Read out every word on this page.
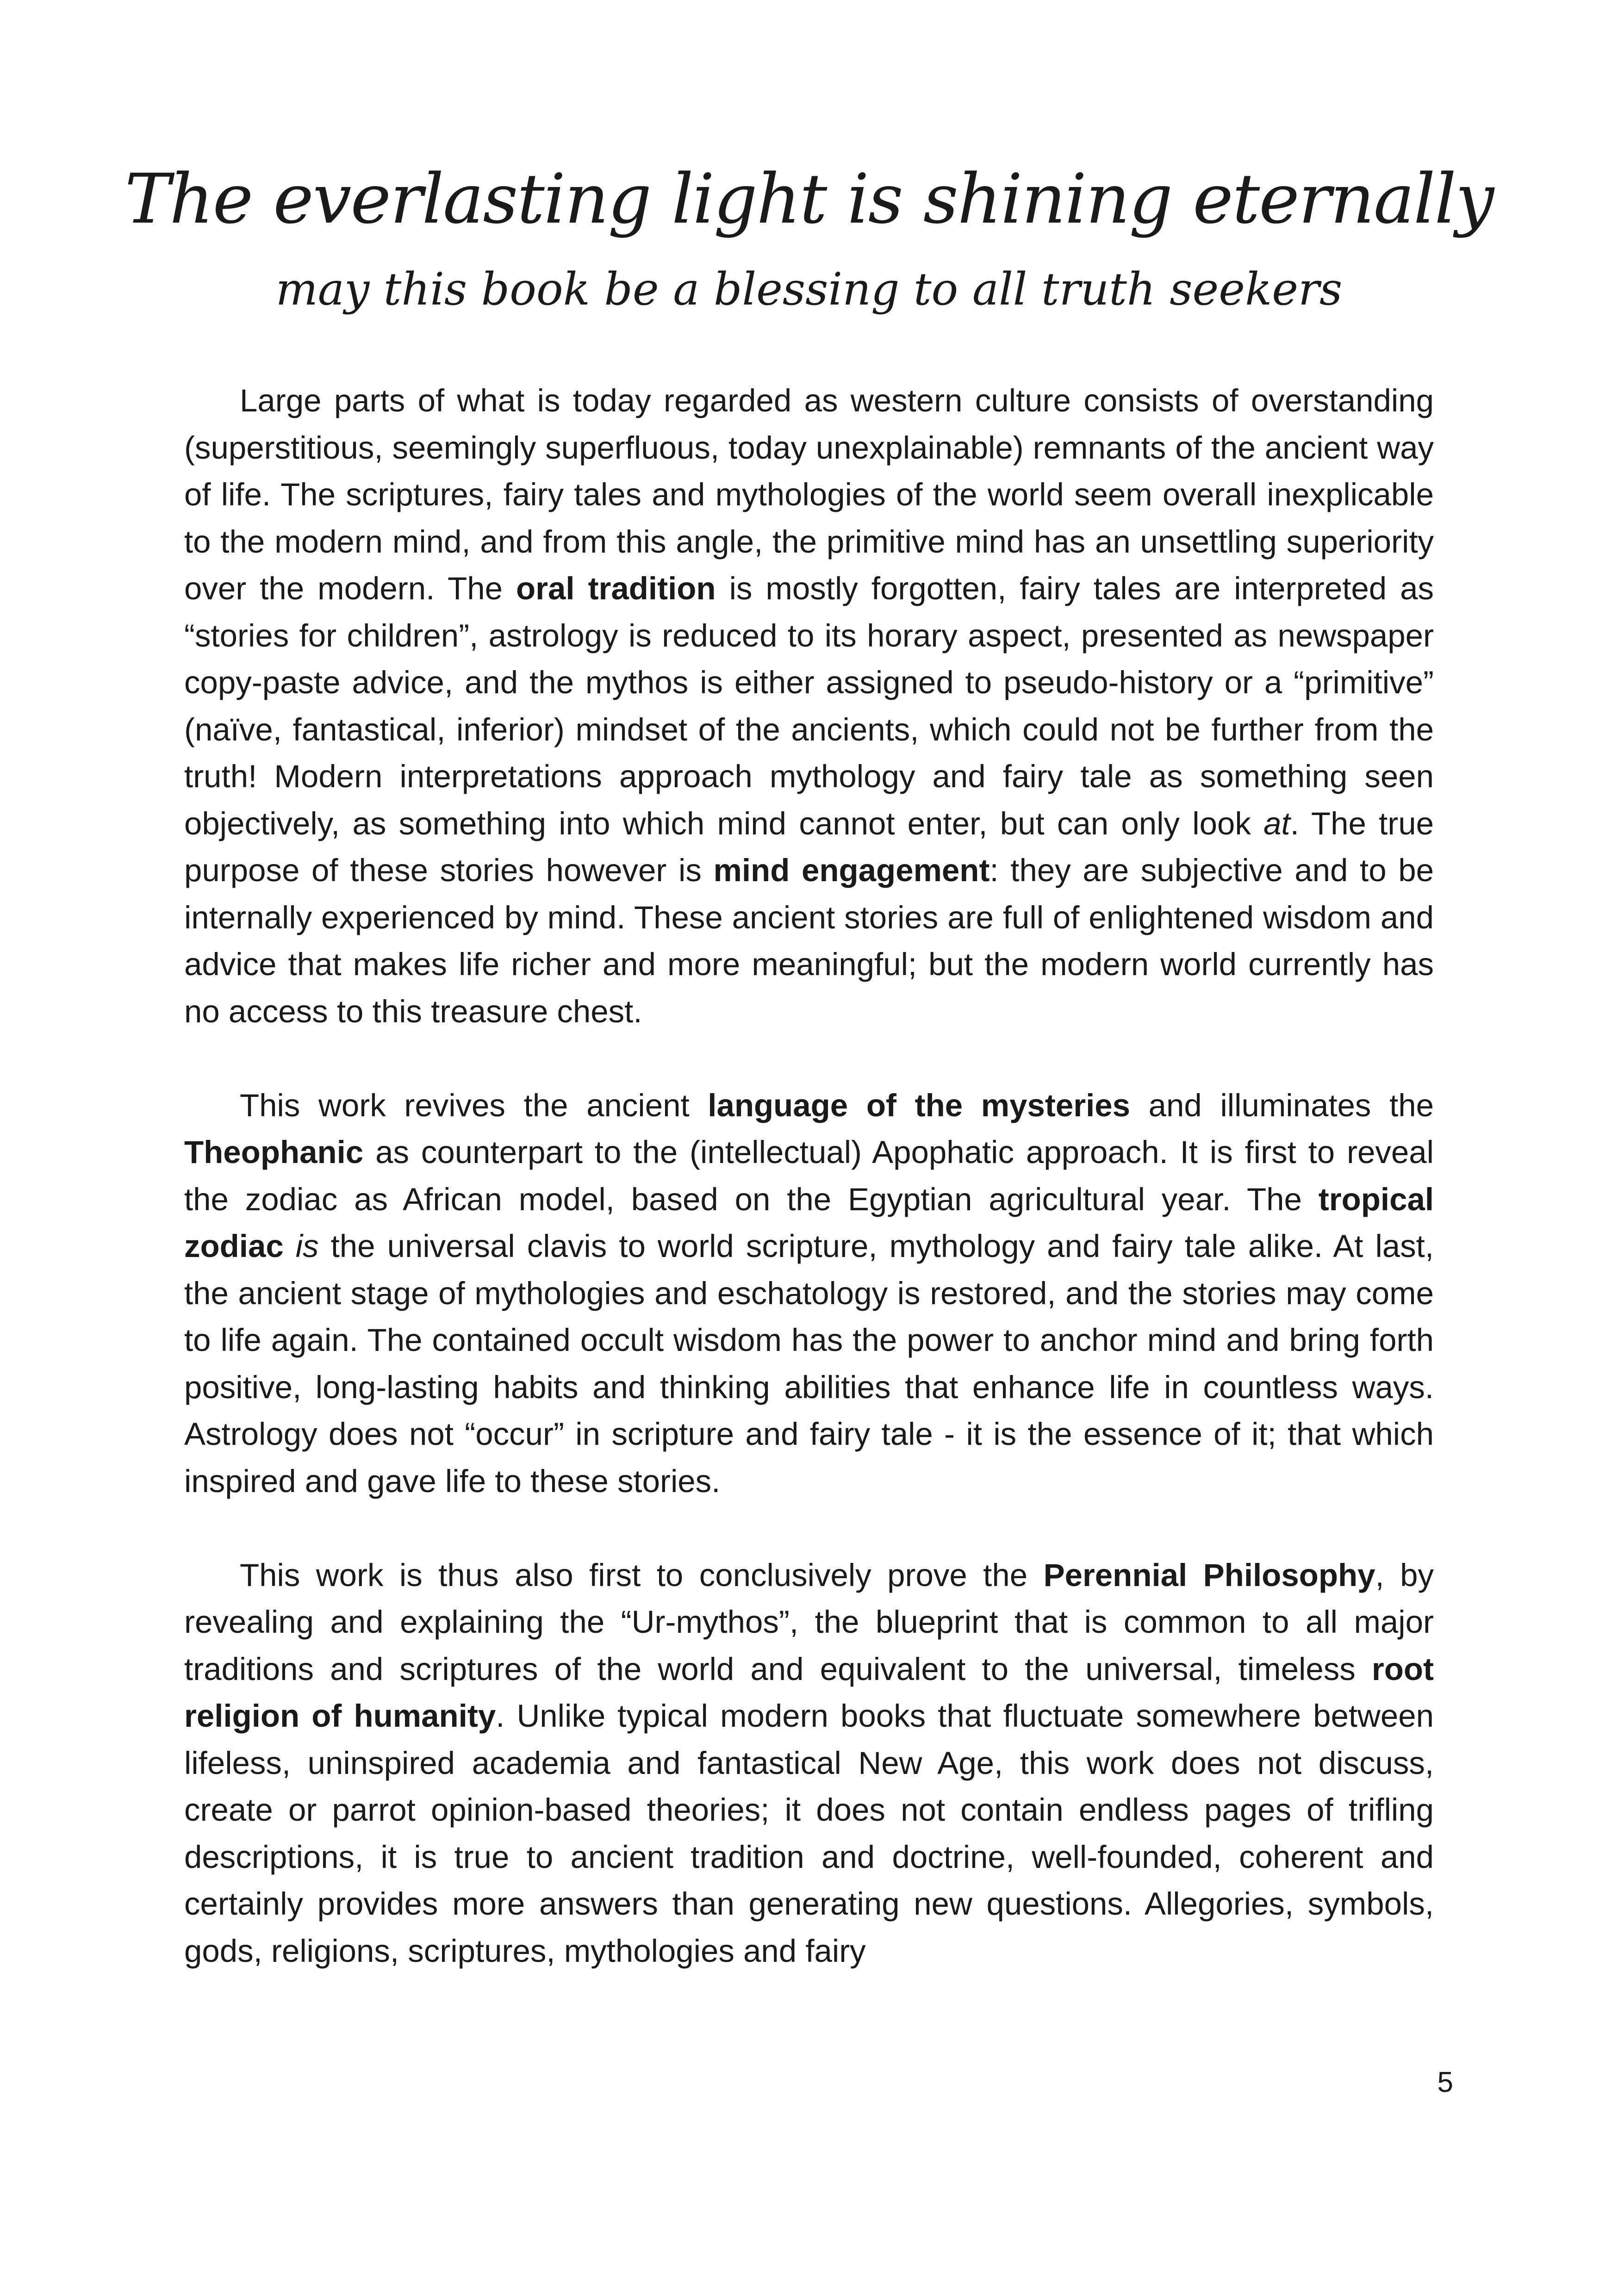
The everlasting light is shining eternally
may this book be a blessing to all truth seekers

Large parts of what is today regarded as western culture consists of overstanding (superstitious, seemingly superfluous, today unexplainable) remnants of the ancient way of life. The scriptures, fairy tales and mythologies of the world seem overall inexplicable to the modern mind, and from this angle, the primitive mind has an unsettling superiority over the modern. The oral tradition is mostly forgotten, fairy tales are interpreted as “stories for children”, astrology is reduced to its horary aspect, presented as newspaper copy-paste advice, and the mythos is either assigned to pseudo-history or a “primitive” (naïve, fantastical, inferior) mindset of the ancients, which could not be further from the truth! Modern interpretations approach mythology and fairy tale as something seen objectively, as something into which mind cannot enter, but can only look at. The true purpose of these stories however is mind engagement: they are subjective and to be internally experienced by mind. These ancient stories are full of enlightened wisdom and advice that makes life richer and more meaningful; but the modern world currently has no access to this treasure chest.

This work revives the ancient language of the mysteries and illuminates the Theophanic as counterpart to the (intellectual) Apophatic approach. It is first to reveal the zodiac as African model, based on the Egyptian agricultural year. The tropical zodiac is the universal clavis to world scripture, mythology and fairy tale alike. At last, the ancient stage of mythologies and eschatology is restored, and the stories may come to life again. The contained occult wisdom has the power to anchor mind and bring forth positive, long-lasting habits and thinking abilities that enhance life in countless ways. Astrology does not “occur” in scripture and fairy tale - it is the essence of it; that which inspired and gave life to these stories.

This work is thus also first to conclusively prove the Perennial Philosophy, by revealing and explaining the “Ur-mythos”, the blueprint that is common to all major traditions and scriptures of the world and equivalent to the universal, timeless root religion of humanity. Unlike typical modern books that fluctuate somewhere between lifeless, uninspired academia and fantastical New Age, this work does not discuss, create or parrot opinion-based theories; it does not contain endless pages of trifling descriptions, it is true to ancient tradition and doctrine, well-founded, coherent and certainly provides more answers than generating new questions. Allegories, symbols, gods, religions, scriptures, mythologies and fairy

5
